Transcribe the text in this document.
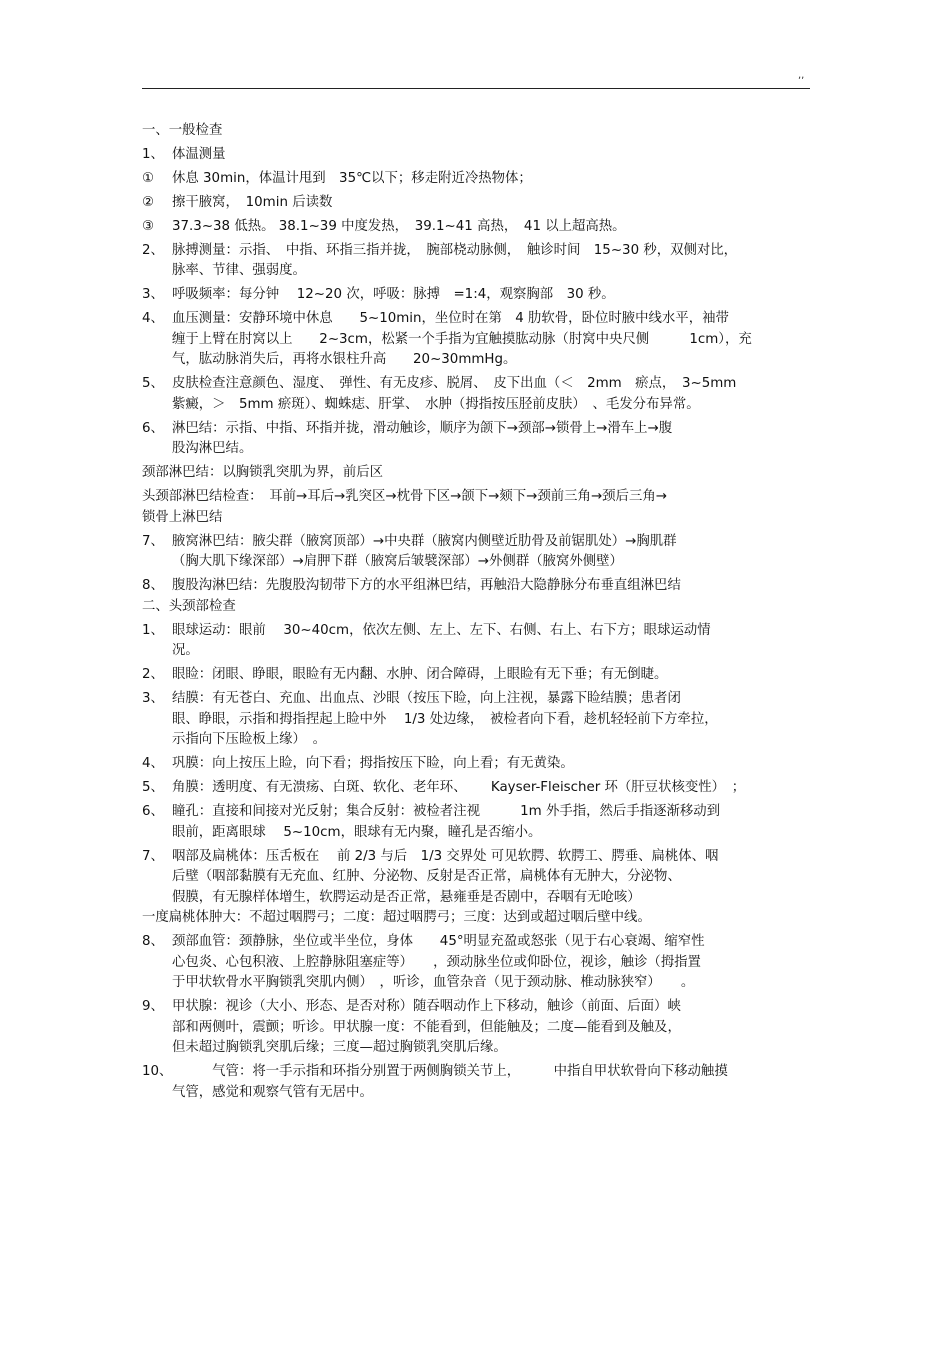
,,
一、一般检查
1、 体温测量
① 休息 30min，体温计甩到　35℃以下；移走附近冷热物体；
② 擦干腋窝，　10min 后读数
③ 37.3~38 低热。 38.1~39 中度发热，　39.1~41 高热，　41 以上超高热。
2、 脉搏测量：示指、　中指、环指三指并拢，　腕部桡动脉侧，　触诊时间　15~30 秒，双侧对比，
脉率、节律、强弱度。
3、 呼吸频率：每分钟　 12~20 次，呼吸：脉搏　=1:4，观察胸部　30 秒。
4、 血压测量：安静环境中休息　　5~10min，坐位时在第　4 肋软骨，卧位时腋中线水平，袖带
缠于上臂在肘窝以上　　2~3cm，松紧一个手指为宜触摸肱动脉（肘窝中央尺侧　　　1cm），充
气，肱动脉消失后，再将水银柱升高　　20~30mmHg。
5、 皮肤检查注意颜色、湿度、　弹性、有无皮疹、脱屑、　皮下出血（＜　2mm　瘀点，　3~5mm
紫癜，＞　5mm 瘀斑）、蜘蛛痣、肝掌、　水肿（拇指按压胫前皮肤）　、毛发分布异常。
6、 淋巴结：示指、中指、环指并拢，滑动触诊，顺序为颌下→颈部→锁骨上→滑车上→腹
股沟淋巴结。
颈部淋巴结：以胸锁乳突肌为界，前后区
头颈部淋巴结检查：　耳前→耳后→乳突区→枕骨下区→颌下→颏下→颈前三角→颈后三角→
锁骨上淋巴结
7、 腋窝淋巴结：腋尖群（腋窝顶部）→中央群（腋窝内侧壁近肋骨及前锯肌处）→胸肌群
（胸大肌下缘深部）→肩胛下群（腋窝后皱襞深部）→外侧群（腋窝外侧壁）
8、 腹股沟淋巴结：先腹股沟韧带下方的水平组淋巴结，再触沿大隐静脉分布垂直组淋巴结
二、头颈部检查
1、 眼球运动：眼前　 30~40cm，依次左侧、左上、左下、右侧、右上、右下方；眼球运动情
况。
2、 眼睑：闭眼、睁眼，眼睑有无内翻、水肿、闭合障碍，上眼睑有无下垂；有无倒睫。
3、 结膜：有无苍白、充血、出血点、沙眼（按压下睑，向上注视，暴露下睑结膜；患者闭
眼、睁眼，示指和拇指捏起上睑中外　 1/3 处边缘，　被检者向下看，趁机轻轻前下方牵拉，
示指向下压睑板上缘）　。
4、 巩膜：向上按压上睑，向下看；拇指按压下睑，向上看；有无黄染。
5、 角膜：透明度、有无溃疡、白斑、软化、老年环、　　 Kayser-Fleischer 环（肝豆状核变性）　；
6、 瞳孔：直接和间接对光反射；集合反射：被检者注视　　　1m 外手指，然后手指逐渐移动到
眼前，距离眼球　 5~10cm，眼球有无内聚，瞳孔是否缩小。
7、 咽部及扁桃体：压舌板在　 前 2/3 与后　1/3 交界处 可见软腭、软腭工、腭垂、扁桃体、咽
后壁（咽部黏膜有无充血、红肿、分泌物、反射是否正常，扁桃体有无肿大，分泌物、
假膜，有无腺样体增生，软腭运动是否正常，悬雍垂是否剧中，吞咽有无呛咳）
一度扁桃体肿大：不超过咽腭弓；二度：超过咽腭弓；三度：达到或超过咽后壁中线。
8、 颈部血管：颈静脉，坐位或半坐位，身体　　45°明显充盈或怒张（见于右心衰竭、缩窄性
心包炎、心包积液、上腔静脉阻塞症等）　　，颈动脉坐位或仰卧位，视诊，触诊（拇指置
于甲状软骨水平胸锁乳突肌内侧）　，听诊，血管杂音（见于颈动脉、椎动脉狭窄）　　。
9、 甲状腺：视诊（大小、形态、是否对称）随吞咽动作上下移动，触诊（前面、后面）峡
部和两侧叶，震颤；听诊。甲状腺一度：不能看到，但能触及；二度—能看到及触及，
但未超过胸锁乳突肌后缘；三度—超过胸锁乳突肌后缘。
10、 　　　气管：将一手示指和环指分别置于两侧胸锁关节上，　　　中指自甲状软骨向下移动触摸
气管，感觉和观察气管有无居中。
